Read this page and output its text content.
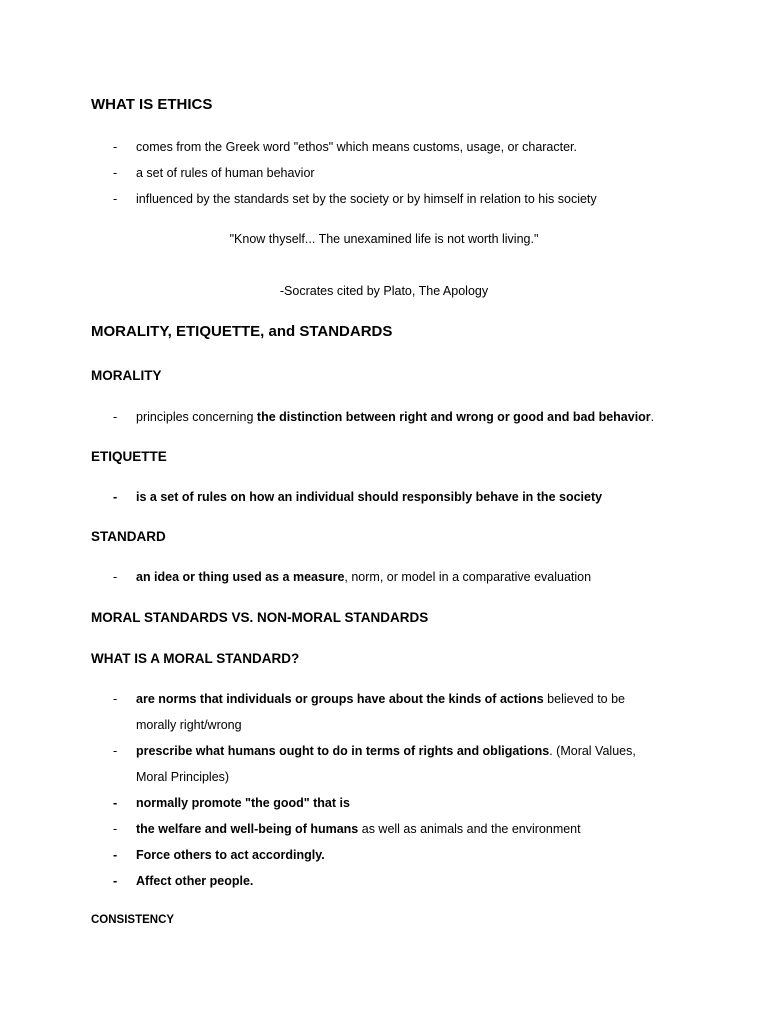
WHAT IS ETHICS
-	comes from the Greek word "ethos" which means customs, usage, or character.
-	a set of rules of human behavior
-	influenced by the standards set by the society or by himself in relation to his society
"Know thyself... The unexamined life is not worth living."
-Socrates cited by Plato, The Apology
MORALITY, ETIQUETTE, and STANDARDS
MORALITY
-	principles concerning the distinction between right and wrong or good and bad behavior.
ETIQUETTE
-	is a set of rules on how an individual should responsibly behave in the society
STANDARD
-	an idea or thing used as a measure, norm, or model in a comparative evaluation
MORAL STANDARDS VS. NON-MORAL STANDARDS
WHAT IS A MORAL STANDARD?
-	are norms that individuals or groups have about the kinds of actions believed to be morally right/wrong
-	prescribe what humans ought to do in terms of rights and obligations. (Moral Values, Moral Principles)
-	normally promote "the good" that is
-	the welfare and well-being of humans as well as animals and the environment
-	Force others to act accordingly.
-	Affect other people.
CONSISTENCY
